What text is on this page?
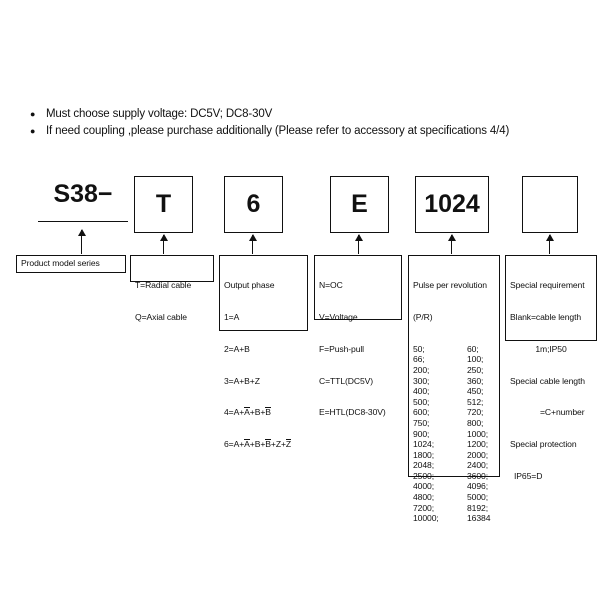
● Must choose supply voltage: DC5V; DC8-30V
● If need coupling ,please purchase additionally (Please refer to accessory at specifications 4/4)
S38−	T	6	E	1024
Product model series

T=Radial cable

Q=Axial cable

Output phase

1=A

2=A+B

3=A+B+Z

4=A+A+B+B

6=A+A+B+B+Z+Z

N=OC

V=Voltage

F=Push-pull

C=TTL(DC5V)

E=HTL(DC8-30V)

Pulse per revolution

(P/R)

50;	60;
66;	100;
200;	250;
300;	360;
400;	450;
500;	512;
600;	720;
750;	800;
900;	1000;
1024;	1200;
1800;	2000;
2048;	2400;
2500;	3600;
4000;	4096;
4800;	5000;
7200;	8192;
10000;	16384

Special requirement

Blank=cable length

1m;IP50

Special cable length

=C+number

Special protection

IP65=D
